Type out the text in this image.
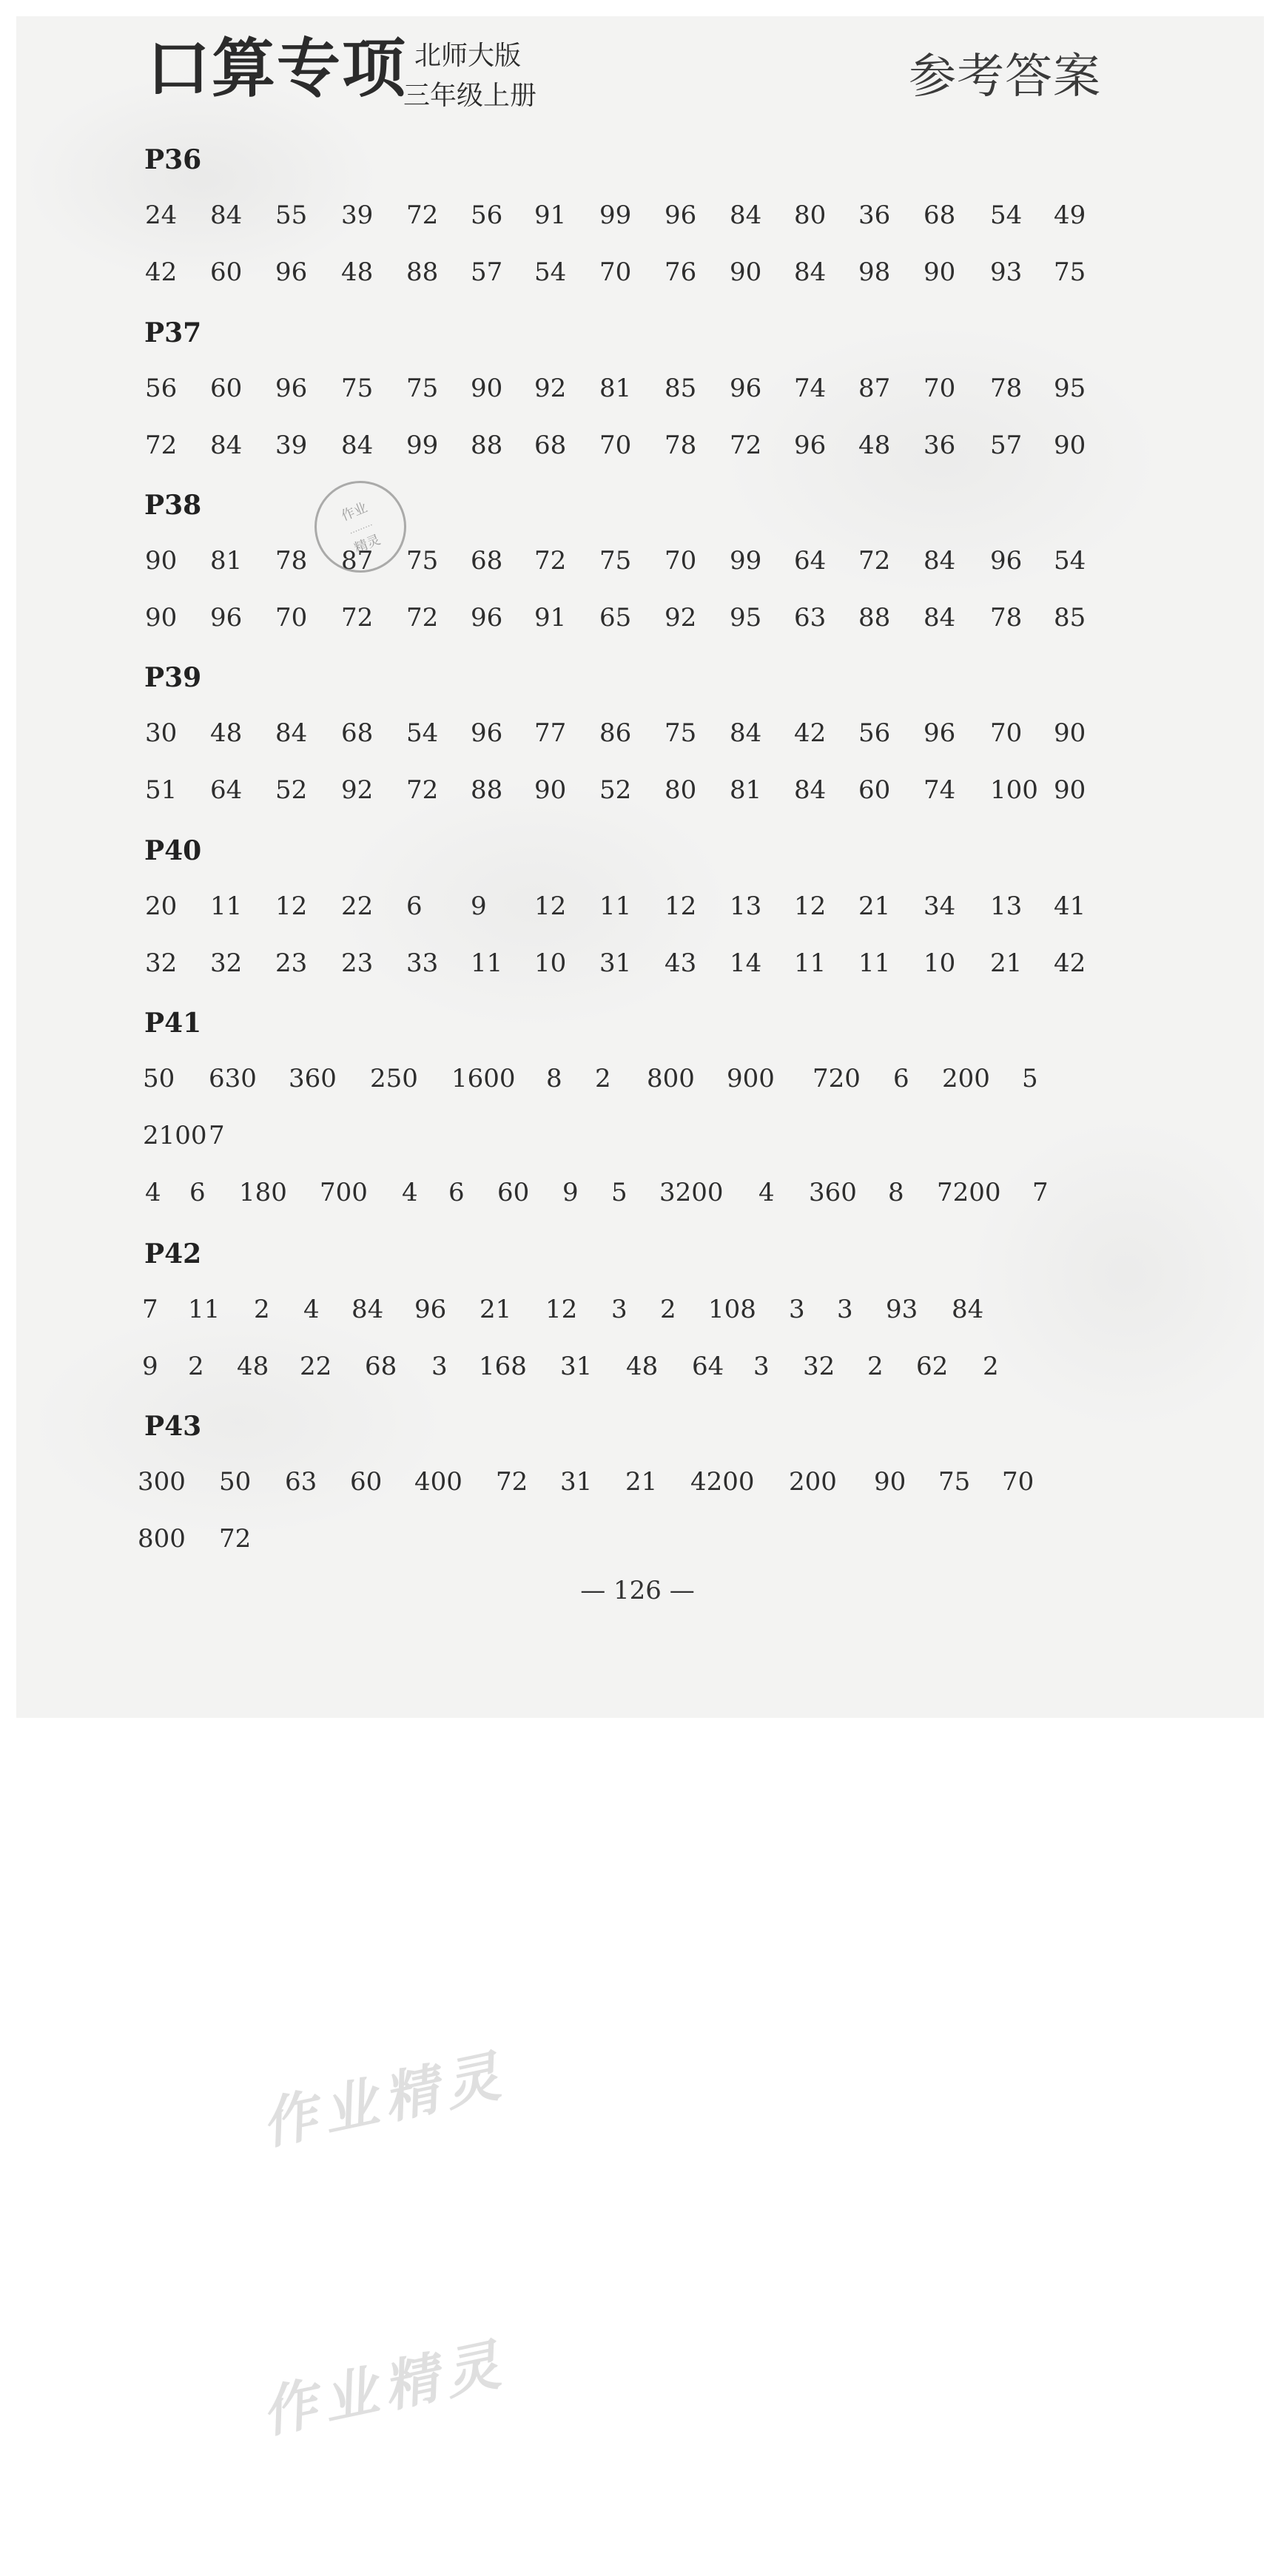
口算专项 北师大版
三年级上册	参考答案
P36
24 84 55 39 72 56 91 99 96 84 80 36 68 54 49
42 60 96 48 88 57 54 70 76 90 84 98 90 93 75
P37
56 60 96 75 75 90 92 81 85 96 74 87 70 78 95
72 84 39 84 99 88 68 70 78 72 96 48 36 57 90
P38
90 81 78 87 75 68 72 75 70 99 64 72 84 96 54
90 96 70 72 72 96 91 65 92 95 63 88 84 78 85
P39
30 48 84 68 54 96 77 86 75 84 42 56 96 70 90
51 64 52 92 72 88 90 52 80 81 84 60 74 100 90
P40
20 11 12 22 6 9 12 11 12 13 12 21 34 13 41
32 32 23 23 33 11 10 31 43 14 11 11 10 21 42
P41
50 630 360 250 1600 8 2 800 900 720 6 200 5
2100 7
4 6 180 700 4 6 60 9 5 3200 4 360 8 7200 7
P42
7 11 2 4 84 96 21 12 3 2 108 3 3 93 84
9 2 48 22 68 3 168 31 48 64 3 32 2 62 2
P43
300 50 63 60 400 72 31 21 4200 200 90 75 70
800 72
作业
………
精灵
— 126 —
作业精灵
作业精灵
